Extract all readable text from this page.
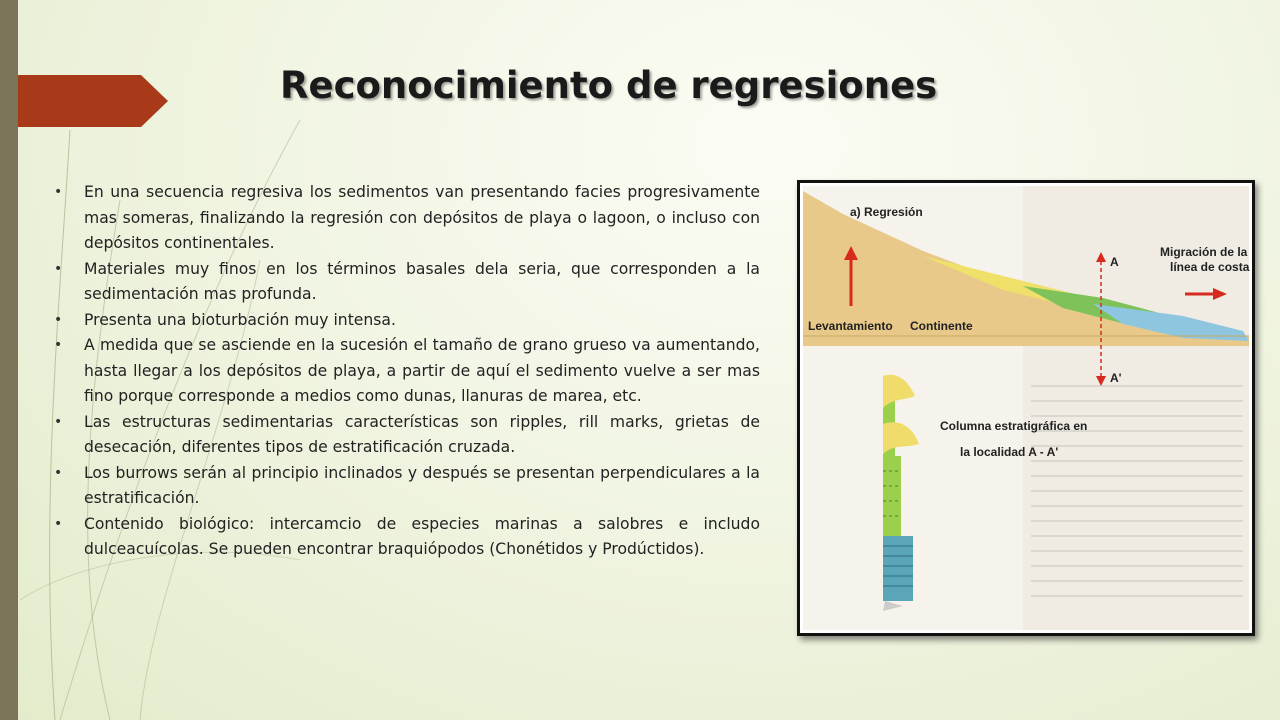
Reconocimiento de regresiones
• En una secuencia regresiva los sedimentos van presentando facies progresivamente mas someras, finalizando la regresión con depósitos de playa o lagoon, o incluso con depósitos continentales.
• Materiales muy finos en los términos basales dela seria, que corresponden a la sedimentación mas profunda.
• Presenta una bioturbación muy intensa.
• A medida que se asciende en la sucesión el tamaño de grano grueso va aumentando, hasta llegar a los depósitos de playa, a partir de aquí el sedimento vuelve a ser mas fino porque corresponde a medios como dunas, llanuras de marea, etc.
• Las estructuras sedimentarias características son ripples, rill marks, grietas de desecación, diferentes tipos de estratificación cruzada.
• Los burrows serán al principio inclinados y después se presentan perpendiculares a la estratificación.
• Contenido biológico: intercamcio de especies marinas a salobres e includo dulceacuícolas. Se pueden encontrar braquiópodos (Chonétidos y Prodúctidos).
a) Regresión
Migración de la
línea de costa
A
A'
Levantamiento Continente
Columna estratigráfica en
la localidad A - A'
